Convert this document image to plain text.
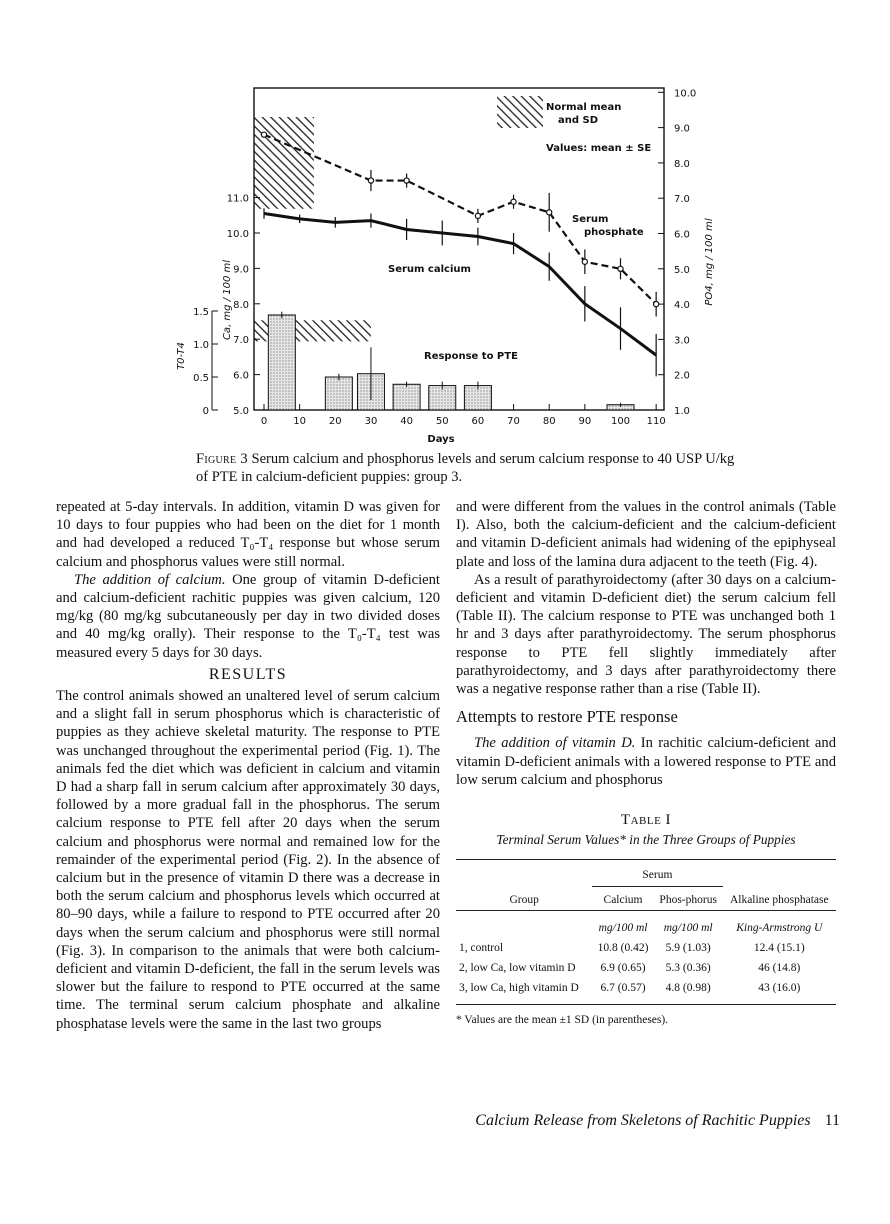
0	10 20 30 40 50 60 70 80 90 100 110
Days
5.0
6.0
7.0
8.0
9.0
10.0
11.0
Ca, mg / 100 ml
0
0.5
1.0
1.5
T0-T4
1.0
2.0
3.0
4.0
5.0
6.0
7.0
8.0
9.0
10.0
PO4, mg / 100 ml
Normal mean
and SD
Values: mean ± SE
Serum
phosphate
Serum calcium
Response to PTE
Figure 3 Serum calcium and phosphorus levels and serum calcium response to 40 USP U/kg of PTE in calcium-deficient puppies: group 3.

repeated at 5-day intervals. In addition, vitamin D was given for 10 days to four puppies who had been on the diet for 1 month and had developed a reduced T₀-T₄ response but whose serum calcium and phosphorus values were still normal.

The addition of calcium. One group of vitamin D-deficient and calcium-deficient rachitic puppies was given calcium, 120 mg/kg (80 mg/kg subcutaneously per day in two divided doses and 40 mg/kg orally). Their response to the T₀-T₄ test was measured every 5 days for 30 days.

RESULTS

The control animals showed an unaltered level of serum calcium and a slight fall in serum phosphorus which is characteristic of puppies as they achieve skeletal maturity. The response to PTE was unchanged throughout the experimental period (Fig. 1). The animals fed the diet which was deficient in calcium and vitamin D had a sharp fall in serum calcium after approximately 30 days, followed by a more gradual fall in the phosphorus. The serum calcium response to PTE fell after 20 days when the serum calcium and phosphorus were normal and remained low for the remainder of the experimental period (Fig. 2). In the absence of calcium but in the presence of vitamin D there was a decrease in both the serum calcium and phosphorus levels which occurred at 80–90 days, while a failure to respond to PTE occurred after 20 days when the serum calcium and phosphorus were still normal (Fig. 3). In comparison to the animals that were both calcium-deficient and vitamin D-deficient, the fall in the serum levels was slower but the failure to respond to PTE occurred at the same time. The terminal serum calcium phosphate and alkaline phosphatase levels were the same in the last two groups

and were different from the values in the control animals (Table I). Also, both the calcium-deficient and the calcium-deficient and vitamin D-deficient animals had widening of the epiphyseal plate and loss of the lamina dura adjacent to the teeth (Fig. 4).

As a result of parathyroidectomy (after 30 days on a calcium-deficient and vitamin D-deficient diet) the serum calcium fell (Table II). The calcium response to PTE was unchanged both 1 hr and 3 days after parathyroidectomy. The serum phosphorus response to PTE fell slightly immediately after parathyroidectomy, and 3 days after parathyroidectomy there was a negative response rather than a rise (Table II).

Attempts to restore PTE response

The addition of vitamin D. In rachitic calcium-deficient and vitamin D-deficient animals with a lowered response to PTE and low serum calcium and phosphorus

Table I
Terminal Serum Values* in the Three Groups of Puppies
Group	Serum		Alkaline phosphatase
	Calcium	Phos-phorus	
	mg/100 ml	mg/100 ml	King-Armstrong U
1, control	10.8 (0.42)	5.9 (1.03)	12.4 (15.1)
2, low Ca, low vitamin D	6.9 (0.65)	5.3 (0.36)	46 (14.8)
3, low Ca, high vitamin D	6.7 (0.57)	4.8 (0.98)	43 (16.0)
* Values are the mean ±1 SD (in parentheses).
Calcium Release from Skeletons of Rachitic Puppies 11
